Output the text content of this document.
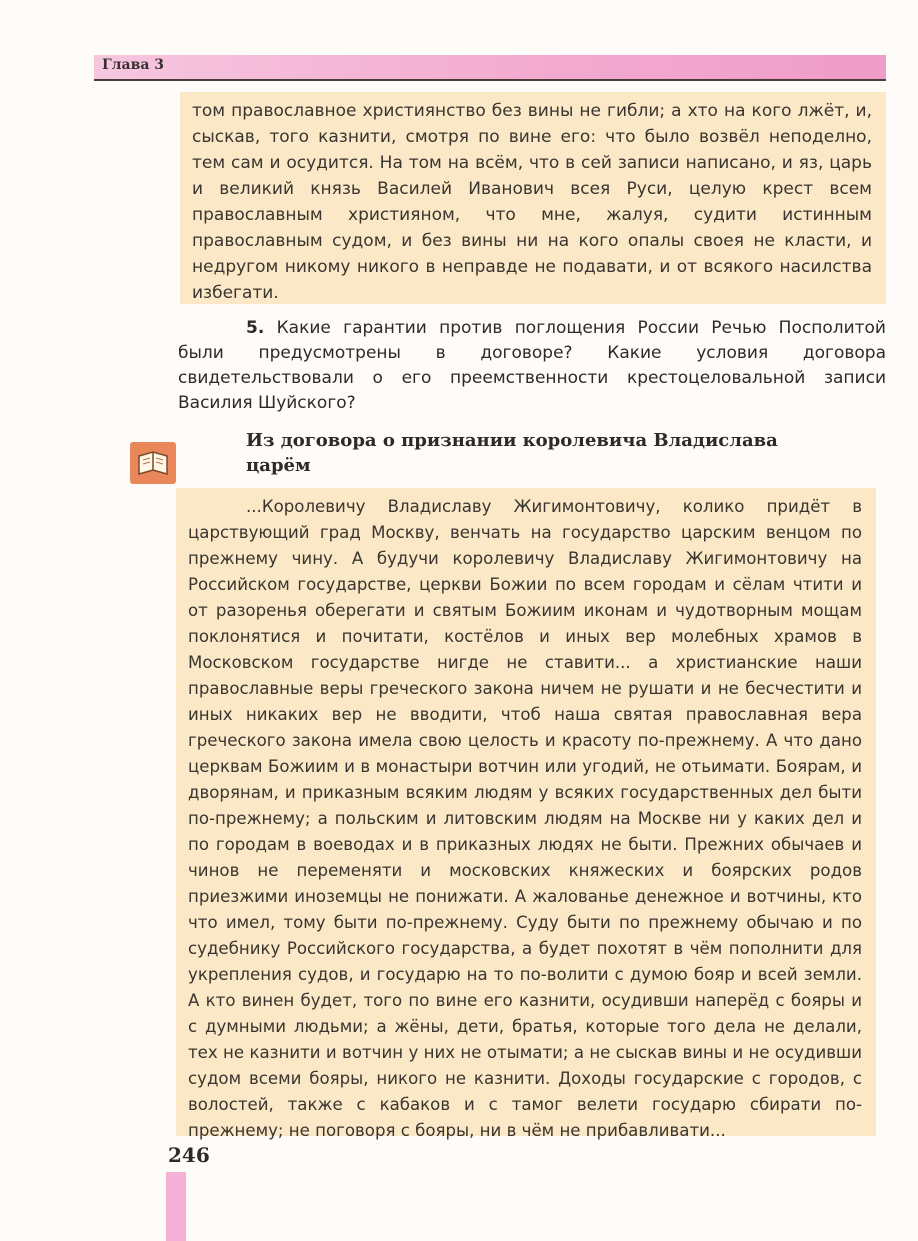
Глава 3

том православное християнство без вины не гибли; а хто на кого лжёт, и, сыскав, того казнити, смотря по вине его: что было возвёл неподелно, тем сам и осудится. На том на всём, что в сей записи написано, и яз, царь и великий князь Василей Иванович всея Руси, целую крест всем православным християном, что мне, жалуя, судити истинным православным судом, и без вины ни на кого опалы своея не класти, и недругом никому никого в неправде не подавати, и от всякого насилства избегати.

5. Какие гарантии против поглощения России Речью Посполитой были предусмотрены в договоре? Какие условия договора свидетельствовали о его преемственности крестоцеловальной записи Василия Шуйского?

Из договора о признании королевича Владислава царём

...Королевичу Владиславу Жигимонтовичу, колико придёт в царствующий град Москву, венчать на государство царским венцом по прежнему чину. А будучи королевичу Владиславу Жигимонтовичу на Российском государстве, церкви Божии по всем городам и сёлам чтити и от разоренья оберегати и святым Божиим иконам и чудотворным мощам поклонятися и почитати, костёлов и иных вер молебных храмов в Московском государстве нигде не ставити... а христианские наши православные веры греческого закона ничем не рушати и не бесчестити и иных никаких вер не вводити, чтоб наша святая православная вера греческого закона имела свою целость и красоту по-прежнему. А что дано церквам Божиим и в монастыри вотчин или угодий, не отьимати. Боярам, и дворянам, и приказным всяким людям у всяких государственных дел быти по-прежнему; а польским и литовским людям на Москве ни у каких дел и по городам в воеводах и в приказных людях не быти. Прежних обычаев и чинов не переменяти и московских княжеских и боярских родов приезжими иноземцы не понижати. А жалованье денежное и вотчины, кто что имел, тому быти по-прежнему. Суду быти по прежнему обычаю и по судебнику Российского государства, а будет похотят в чём пополнити для укрепления судов, и государю на то по-волити с думою бояр и всей земли. А кто винен будет, того по вине его казнити, осудивши наперёд с бояры и с думными людьми; а жёны, дети, братья, которые того дела не делали, тех не казнити и вотчин у них не отымати; а не сыскав вины и не осудивши судом всеми бояры, никого не казнити. Доходы государские с городов, с волостей, также с кабаков и с тамог велети государю сбирати по-прежнему; не поговоря с бояры, ни в чём не прибавливати...

246
